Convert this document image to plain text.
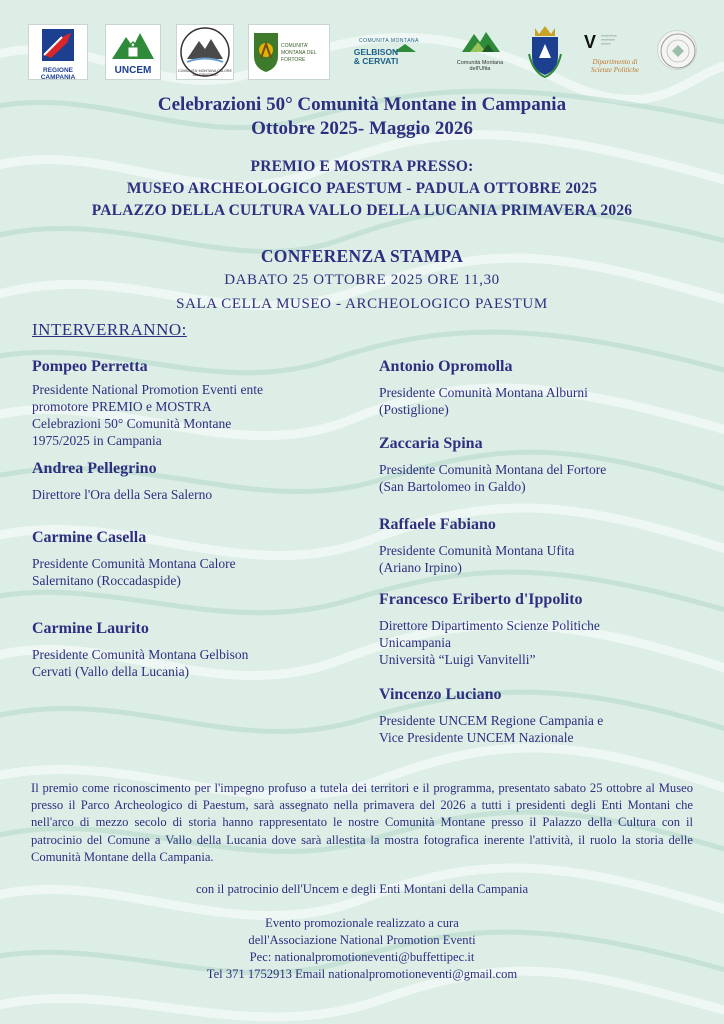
REGIONE CAMPANIA
UNCEM	COMUNITA' MONTANA CALORE SALERNITANO
COMUNITA' MONTANA DEL FORTORE
COMUNITA MONTANA
GELBISON & CERVATI	Comunità Montana dell'Ufita
V ≡≡≡≡≡≡≡≡
≡≡≡≡≡≡≡
≡≡≡≡≡
Dipartimento di Scienze Politiche
Celebrazioni 50° Comunità Montane in Campania
Ottobre 2025- Maggio 2026
PREMIO E MOSTRA PRESSO:
MUSEO ARCHEOLOGICO PAESTUM - PADULA OTTOBRE 2025
PALAZZO DELLA CULTURA VALLO DELLA LUCANIA PRIMAVERA 2026
CONFERENZA STAMPA
DABATO 25 OTTOBRE 2025 ORE 11,30
SALA CELLA MUSEO - ARCHEOLOGICO PAESTUM
INTERVERRANNO:
Pompeo Perretta
Presidente National Promotion Eventi ente
promotore PREMIO e MOSTRA
Celebrazioni 50° Comunità Montane
1975/2025 in Campania
Andrea Pellegrino
Direttore l'Ora della Sera Salerno
Carmine Casella
Presidente Comunità Montana Calore
Salernitano (Roccadaspide)
Carmine Laurito
Presidente Comunità Montana Gelbison
Cervati (Vallo della Lucania)
Antonio Opromolla
Presidente Comunità Montana Alburni
(Postiglione)
Zaccaria Spina
Presidente Comunità Montana del Fortore
(San Bartolomeo in Galdo)
Raffaele Fabiano
Presidente Comunità Montana Ufita
(Ariano Irpino)
Francesco Eriberto d'Ippolito
Direttore Dipartimento Scienze Politiche
Unicampania
Università “Luigi Vanvitelli”
Vincenzo Luciano
Presidente UNCEM Regione Campania e
Vice Presidente UNCEM Nazionale
Il premio come riconoscimento per l'impegno profuso a tutela dei territori e il programma, presentato sabato 25 ottobre al Museo presso il Parco Archeologico di Paestum, sarà assegnato nella primavera del 2026 a tutti i presidenti degli Enti Montani che nell'arco di mezzo secolo di storia hanno rappresentato le nostre Comunità Montane presso il Palazzo della Cultura con il patrocinio del Comune a Vallo della Lucania dove sarà allestita la mostra fotografica inerente l'attività, il ruolo la storia delle Comunità Montane della Campania.
con il patrocinio dell'Uncem e degli Enti Montani della Campania
Evento promozionale realizzato a cura
dell'Associazione National Promotion Eventi
Pec: nationalpromotioneventi@buffettipec.it
Tel 371 1752913 Email nationalpromotioneventi@gmail.com
